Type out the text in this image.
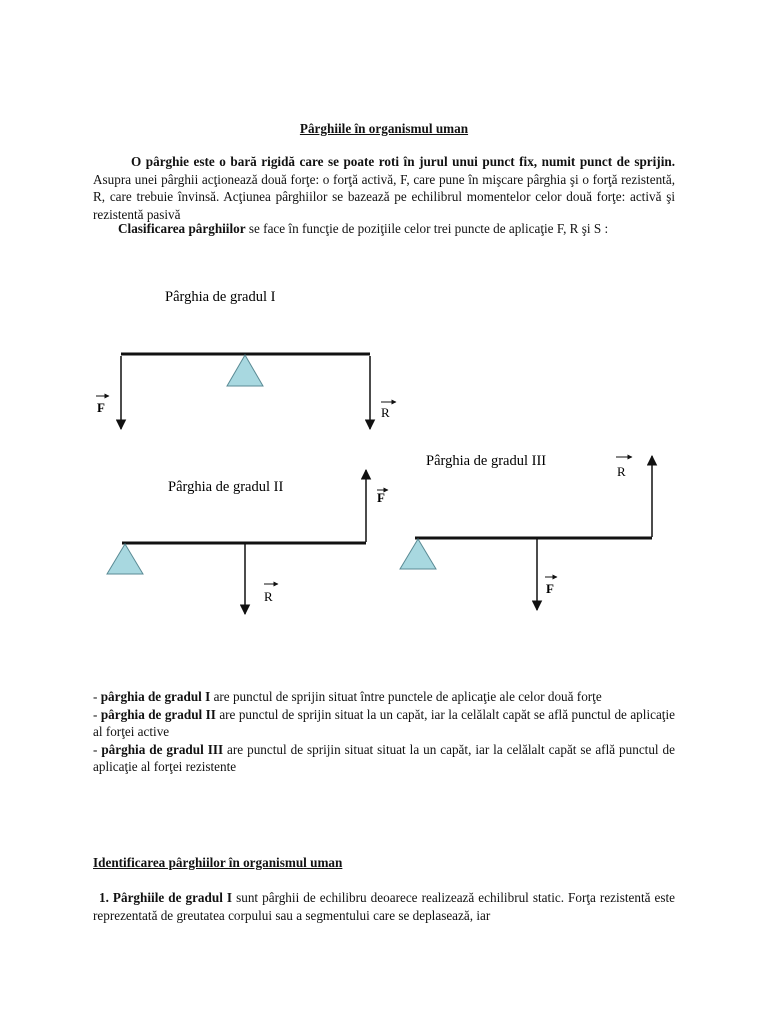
Pârghiile în organismul uman
O pârghie este o bară rigidă care se poate roti în jurul unui punct fix, numit punct de sprijin. Asupra unei pârghii acţionează două forţe: o forţă activă, F, care pune în mişcare pârghia şi o forţă rezistentă, R, care trebuie învinsă. Acţiunea pârghiilor se bazează pe echilibrul momentelor celor două forţe: activă şi rezistentă pasivă
Clasificarea pârghiilor se face în funcţie de poziţiile celor trei puncte de aplicaţie F, R şi S :
Pârghia de gradul I
F	R
Pârghia de gradul II
F
R
Pârghia de gradul III
R
F
- pârghia de gradul I are punctul de sprijin situat între punctele de aplicaţie ale celor două forţe
- pârghia de gradul II are punctul de sprijin situat la un capăt, iar la celălalt capăt se află punctul de aplicaţie al forţei active
- pârghia de gradul III are punctul de sprijin situat situat la un capăt, iar la celălalt capăt se află punctul de aplicaţie al forţei rezistente
Identificarea pârghiilor în organismul uman
1. Pârghiile de gradul I sunt pârghii de echilibru deoarece realizează echilibrul static. Forţa rezistentă este reprezentată de greutatea corpului sau a segmentului care se deplasează, iar
